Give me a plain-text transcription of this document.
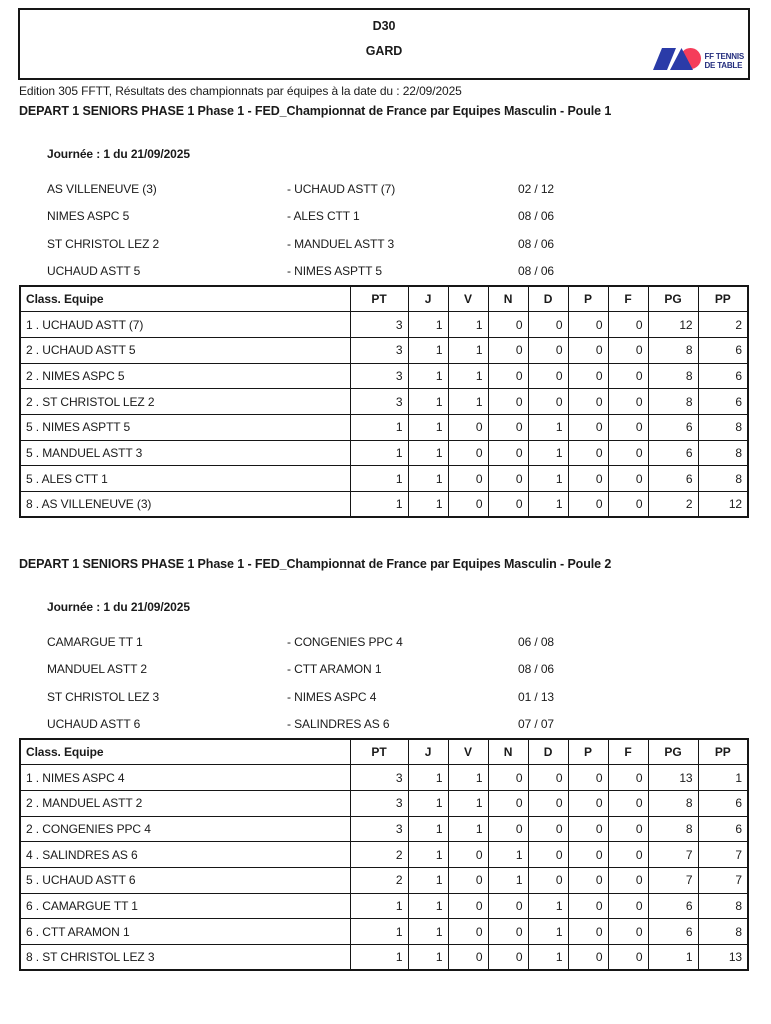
D30
GARD	FF TENNIS
DE TABLE
Edition 305 FFTT, Résultats des championnats par équipes à la date du : 22/09/2025
DEPART 1 SENIORS PHASE 1 Phase 1 - FED_Championnat de France par Equipes Masculin - Poule 1
Journée : 1 du 21/09/2025
AS VILLENEUVE (3)	- UCHAUD ASTT (7)	02 / 12
NIMES ASPC 5	- ALES CTT 1	08 / 06
ST CHRISTOL LEZ 2	- MANDUEL ASTT 3	08 / 06
UCHAUD ASTT 5	- NIMES ASPTT 5	08 / 06
Class. Equipe	PT	J	V	N	D	P	F	PG	PP
1 . UCHAUD ASTT (7)	3	1	1	0	0	0	0	12	2
2 . UCHAUD ASTT 5	3	1	1	0	0	0	0	8	6
2 . NIMES ASPC 5	3	1	1	0	0	0	0	8	6
2 . ST CHRISTOL LEZ 2	3	1	1	0	0	0	0	8	6
5 . NIMES ASPTT 5	1	1	0	0	1	0	0	6	8
5 . MANDUEL ASTT 3	1	1	0	0	1	0	0	6	8
5 . ALES CTT 1	1	1	0	0	1	0	0	6	8
8 . AS VILLENEUVE (3)	1	1	0	0	1	0	0	2	12
DEPART 1 SENIORS PHASE 1 Phase 1 - FED_Championnat de France par Equipes Masculin - Poule 2
Journée : 1 du 21/09/2025
CAMARGUE TT 1	- CONGENIES PPC 4	06 / 08
MANDUEL ASTT 2	- CTT ARAMON 1	08 / 06
ST CHRISTOL LEZ 3	- NIMES ASPC 4	01 / 13
UCHAUD ASTT 6	- SALINDRES AS 6	07 / 07
Class. Equipe	PT	J	V	N	D	P	F	PG	PP
1 . NIMES ASPC 4	3	1	1	0	0	0	0	13	1
2 . MANDUEL ASTT 2	3	1	1	0	0	0	0	8	6
2 . CONGENIES PPC 4	3	1	1	0	0	0	0	8	6
4 . SALINDRES AS 6	2	1	0	1	0	0	0	7	7
5 . UCHAUD ASTT 6	2	1	0	1	0	0	0	7	7
6 . CAMARGUE TT 1	1	1	0	0	1	0	0	6	8
6 . CTT ARAMON 1	1	1	0	0	1	0	0	6	8
8 . ST CHRISTOL LEZ 3	1	1	0	0	1	0	0	1	13
